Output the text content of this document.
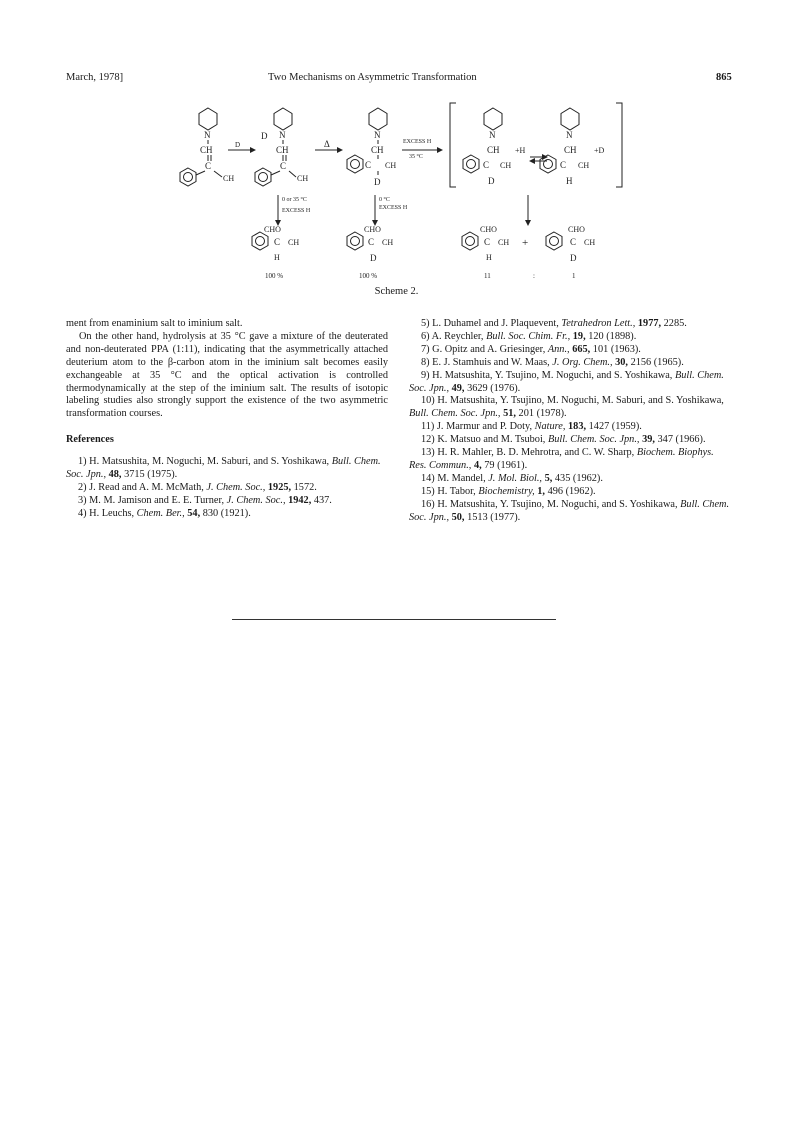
March, 1978]	Two Mechanisms on Asymmetric Transformation	865
N
CH
C
CH
D
D N
CH
C
CH
Δ
N
CH
C CH
D
EXCESS H
35 °C
N
CH
C CH
D
+H
N
CH
C CH
H
+D
0 or 35 °C
EXCESS H
0 °C
EXCESS H
CHO
C CH
H
CHO
C CH
D
CHO
C CH
H
+
CHO
C CH
D
100 %	100 %	11	:	1
Scheme 2.

ment from enaminium salt to iminium salt.

On the other hand, hydrolysis at 35 °C gave a mixture of the deuterated and non-deuterated PPA (1:11), indicating that the asymmetrically attached deuterium atom to the β-carbon atom in the iminium salt becomes easily exchangeable at 35 °C and the optical activation is controlled thermodynamically at the step of the iminium salt. The results of isotopic labeling studies also strongly support the existence of the two asymmetric transformation courses.

References

1) H. Matsushita, M. Noguchi, M. Saburi, and S. Yoshikawa, Bull. Chem. Soc. Jpn., 48, 3715 (1975).

2) J. Read and A. M. McMath, J. Chem. Soc., 1925, 1572.

3) M. M. Jamison and E. E. Turner, J. Chem. Soc., 1942, 437.

4) H. Leuchs, Chem. Ber., 54, 830 (1921).

5) L. Duhamel and J. Plaquevent, Tetrahedron Lett., 1977, 2285.

6) A. Reychler, Bull. Soc. Chim. Fr., 19, 120 (1898).

7) G. Opitz and A. Griesinger, Ann., 665, 101 (1963).

8) E. J. Stamhuis and W. Maas, J. Org. Chem., 30, 2156 (1965).

9) H. Matsushita, Y. Tsujino, M. Noguchi, and S. Yoshikawa, Bull. Chem. Soc. Jpn., 49, 3629 (1976).

10) H. Matsushita, Y. Tsujino, M. Noguchi, M. Saburi, and S. Yoshikawa, Bull. Chem. Soc. Jpn., 51, 201 (1978).

11) J. Marmur and P. Doty, Nature, 183, 1427 (1959).

12) K. Matsuo and M. Tsuboi, Bull. Chem. Soc. Jpn., 39, 347 (1966).

13) H. R. Mahler, B. D. Mehrotra, and C. W. Sharp, Biochem. Biophys. Res. Commun., 4, 79 (1961).

14) M. Mandel, J. Mol. Biol., 5, 435 (1962).

15) H. Tabor, Biochemistry, 1, 496 (1962).

16) H. Matsushita, Y. Tsujino, M. Noguchi, and S. Yoshikawa, Bull. Chem. Soc. Jpn., 50, 1513 (1977).
